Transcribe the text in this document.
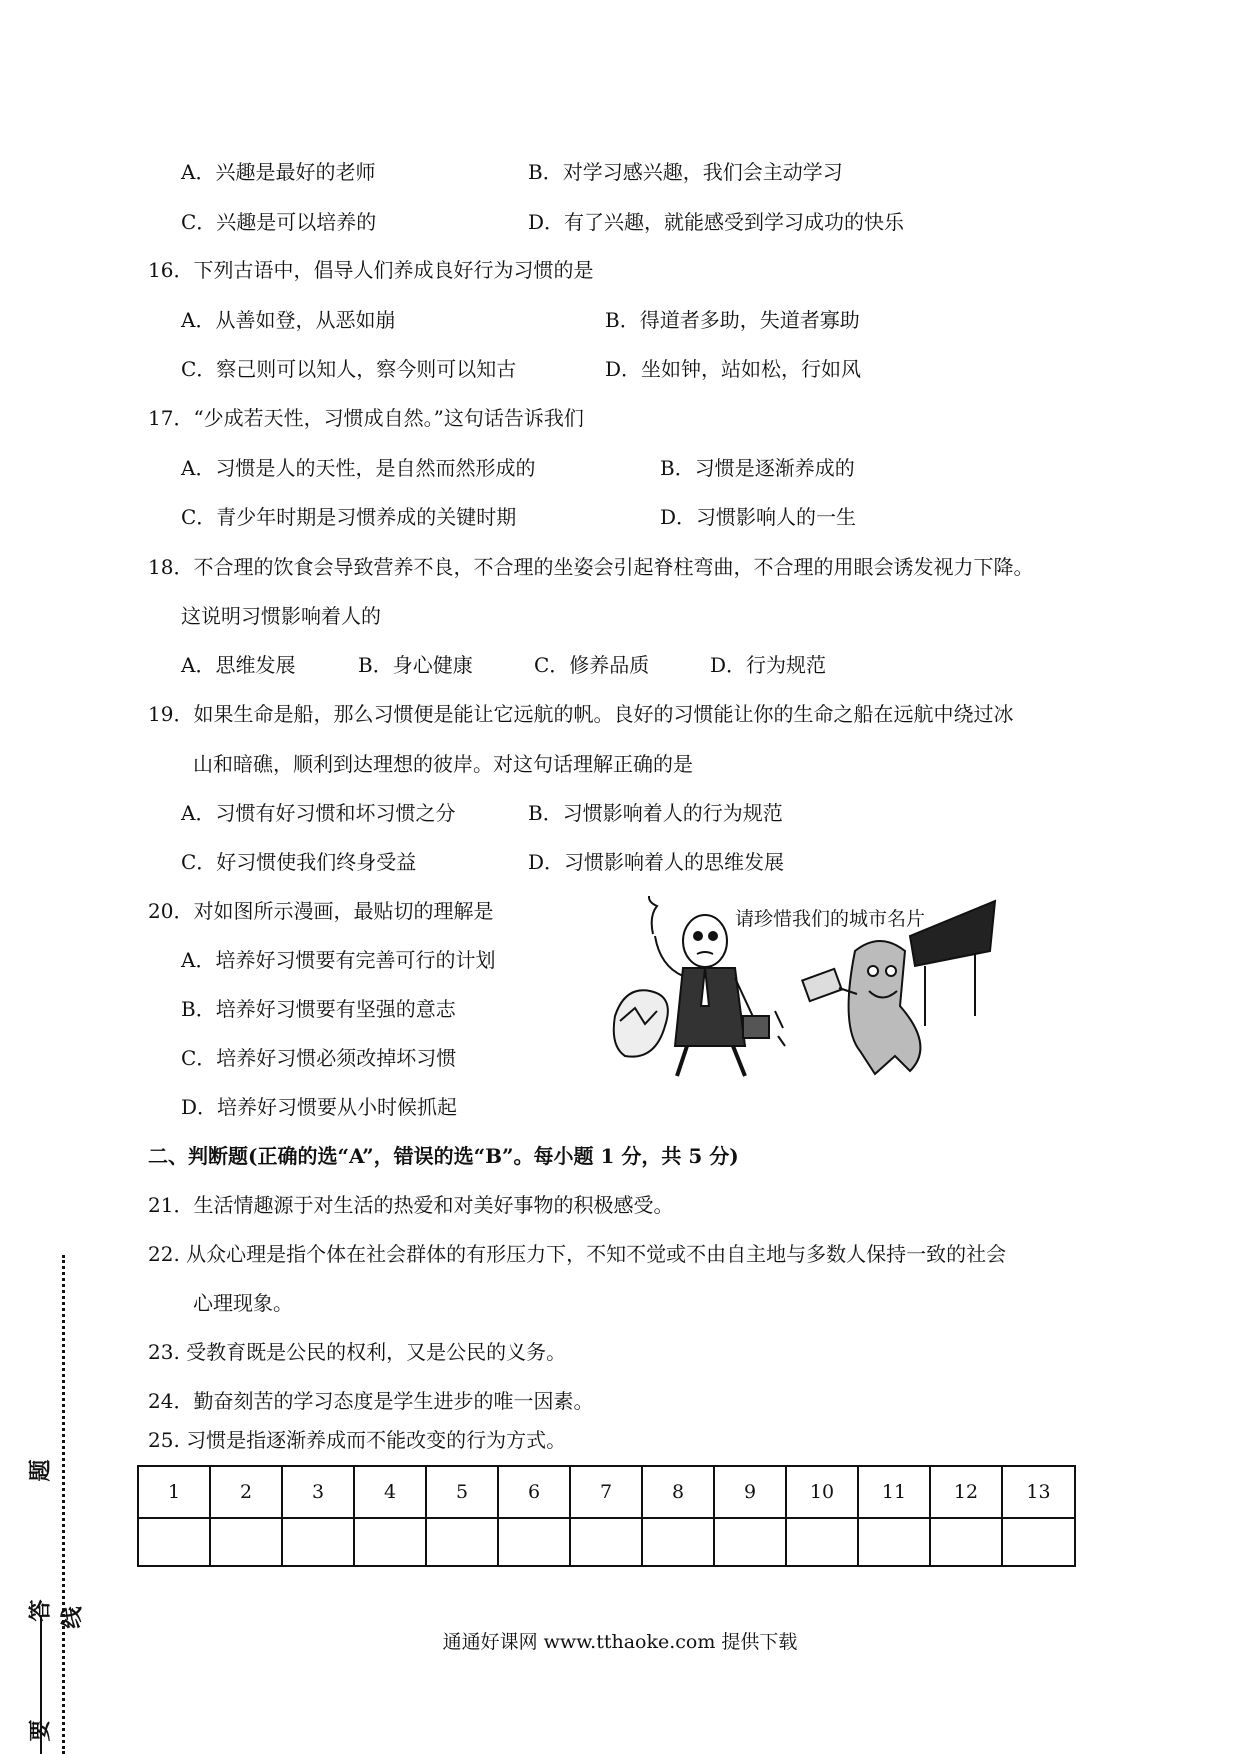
A．兴趣是最好的老师	B．对学习感兴趣，我们会主动学习
C．兴趣是可以培养的	D．有了兴趣，就能感受到学习成功的快乐
16．下列古语中，倡导人们养成良好行为习惯的是
A．从善如登，从恶如崩	B．得道者多助，失道者寡助
C．察己则可以知人，察今则可以知古	D．坐如钟，站如松，行如风
17．“少成若天性，习惯成自然。”这句话告诉我们
A．习惯是人的天性，是自然而然形成的	B．习惯是逐渐养成的
C．青少年时期是习惯养成的关键时期	D．习惯影响人的一生
18．不合理的饮食会导致营养不良，不合理的坐姿会引起脊柱弯曲，不合理的用眼会诱发视力下降。
这说明习惯影响着人的
A．思维发展	B．身心健康	C．修养品质	D．行为规范
19．如果生命是船，那么习惯便是能让它远航的帆。良好的习惯能让你的生命之船在远航中绕过冰
山和暗礁，顺利到达理想的彼岸。对这句话理解正确的是
A．习惯有好习惯和坏习惯之分	B．习惯影响着人的行为规范
C．好习惯使我们终身受益	D．习惯影响着人的思维发展
20．对如图所示漫画，最贴切的理解是
A．培养好习惯要有完善可行的计划
B．培养好习惯要有坚强的意志
C．培养好习惯必须改掉坏习惯
D．培养好习惯要从小时候抓起
请珍惜我们的城市名片
二、判断题(正确的选“A”，错误的选“B”。每小题 1 分，共 5 分)
21．生活情趣源于对生活的热爱和对美好事物的积极感受。
22. 从众心理是指个体在社会群体的有形压力下，不知不觉或不由自主地与多数人保持一致的社会
心理现象。
23. 受教育既是公民的权利，又是公民的义务。
24．勤奋刻苦的学习态度是学生进步的唯一因素。
25. 习惯是指逐渐养成而不能改变的行为方式。
1	2	3	4	5	6	7	8	9	10	11	12	13

题
答 线
要
通通好课网 www.tthaoke.com 提供下载
